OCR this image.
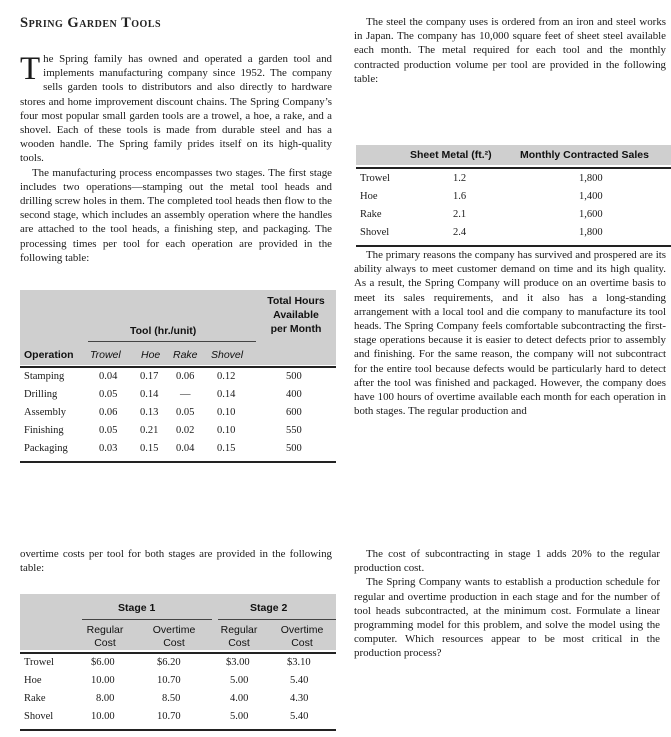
Spring Garden Tools

The Spring family has owned and operated a garden tool and implements manufacturing company since 1952. The company sells garden tools to distributors and also directly to hardware stores and home improvement discount chains. The Spring Company’s four most popular small garden tools are a trowel, a hoe, a rake, and a shovel. Each of these tools is made from durable steel and has a wooden handle. The Spring family prides itself on its high-quality tools.

The manufacturing process encompasses two stages. The first stage includes two operations—stamping out the metal tool heads and drilling screw holes in them. The completed tool heads then flow to the second stage, which includes an assembly operation where the handles are attached to the tool heads, a finishing step, and packaging. The processing times per tool for each operation are provided in the following table:

Tool (hr./unit)
Total Hours
Available
per Month
Operation Trowel Hoe Rake Shovel
Stamping	0.04 0.17 0.06 0.12	500
Drilling	0.05 0.14 —	0.14	400
Assembly	0.06 0.13 0.05 0.10	600
Finishing	0.05 0.21 0.02 0.10	550
Packaging	0.03 0.15 0.04 0.15	500

The steel the company uses is ordered from an iron and steel works in Japan. The company has 10,000 square feet of sheet steel available each month. The metal required for each tool and the monthly contracted production volume per tool are provided in the following table:

Sheet Metal (ft.²)	Monthly Contracted Sales
Trowel	1.2	1,800
Hoe	1.6	1,400
Rake	2.1	1,600
Shovel	2.4	1,800

The primary reasons the company has survived and prospered are its ability always to meet customer demand on time and its high quality. As a result, the Spring Company will produce on an overtime basis to meet its sales requirements, and it also has a long-standing arrangement with a local tool and die company to manufacture its tool heads. The Spring Company feels comfortable subcontracting the first-stage operations because it is easier to detect defects prior to assembly and finishing. For the same reason, the company will not subcontract for the entire tool because defects would be particularly hard to detect after the tool was finished and packaged. However, the company does have 100 hours of overtime available each month for each operation in both stages. The regular production and

overtime costs per tool for both stages are provided in the following table:

Stage 1	Stage 2
Regular
Cost
Overtime
Cost
Regular
Cost
Overtime
Cost
Trowel	$6.00	$6.20	$3.00	$3.10
Hoe	10.00	10.70	5.00	5.40
Rake	8.00	8.50	4.00	4.30
Shovel	10.00	10.70	5.00	5.40

The cost of subcontracting in stage 1 adds 20% to the regular production cost.

The Spring Company wants to establish a production schedule for regular and overtime production in each stage and for the number of tool heads subcontracted, at the minimum cost. Formulate a linear programming model for this problem, and solve the model using the computer. Which resources appear to be most critical in the production process?
